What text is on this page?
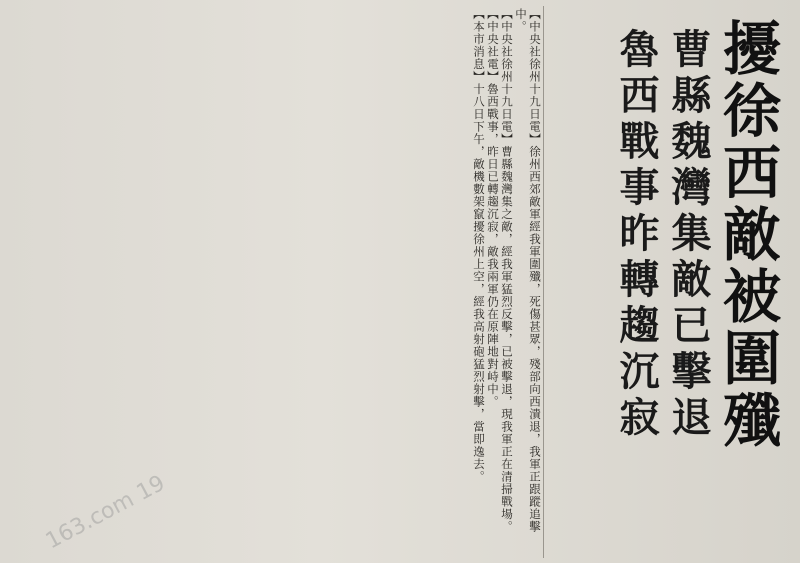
擾徐西敵被圍殲

曹縣魏灣集敵已擊退

魯西戰事昨轉趨沉寂

【中央社徐州十九日電】徐州西郊敵軍經我軍圍殲，死傷甚眾，殘部向西潰退，我軍正跟蹤追擊中。

【中央社徐州十九日電】曹縣魏灣集之敵，經我軍猛烈反擊，已被擊退，現我軍正在清掃戰場。

【中央社電】魯西戰事，昨日已轉趨沉寂，敵我兩軍仍在原陣地對峙中。

【本市消息】十八日下午，敵機數架竄擾徐州上空，經我高射砲猛烈射擊，當即逸去。

163.com 19
